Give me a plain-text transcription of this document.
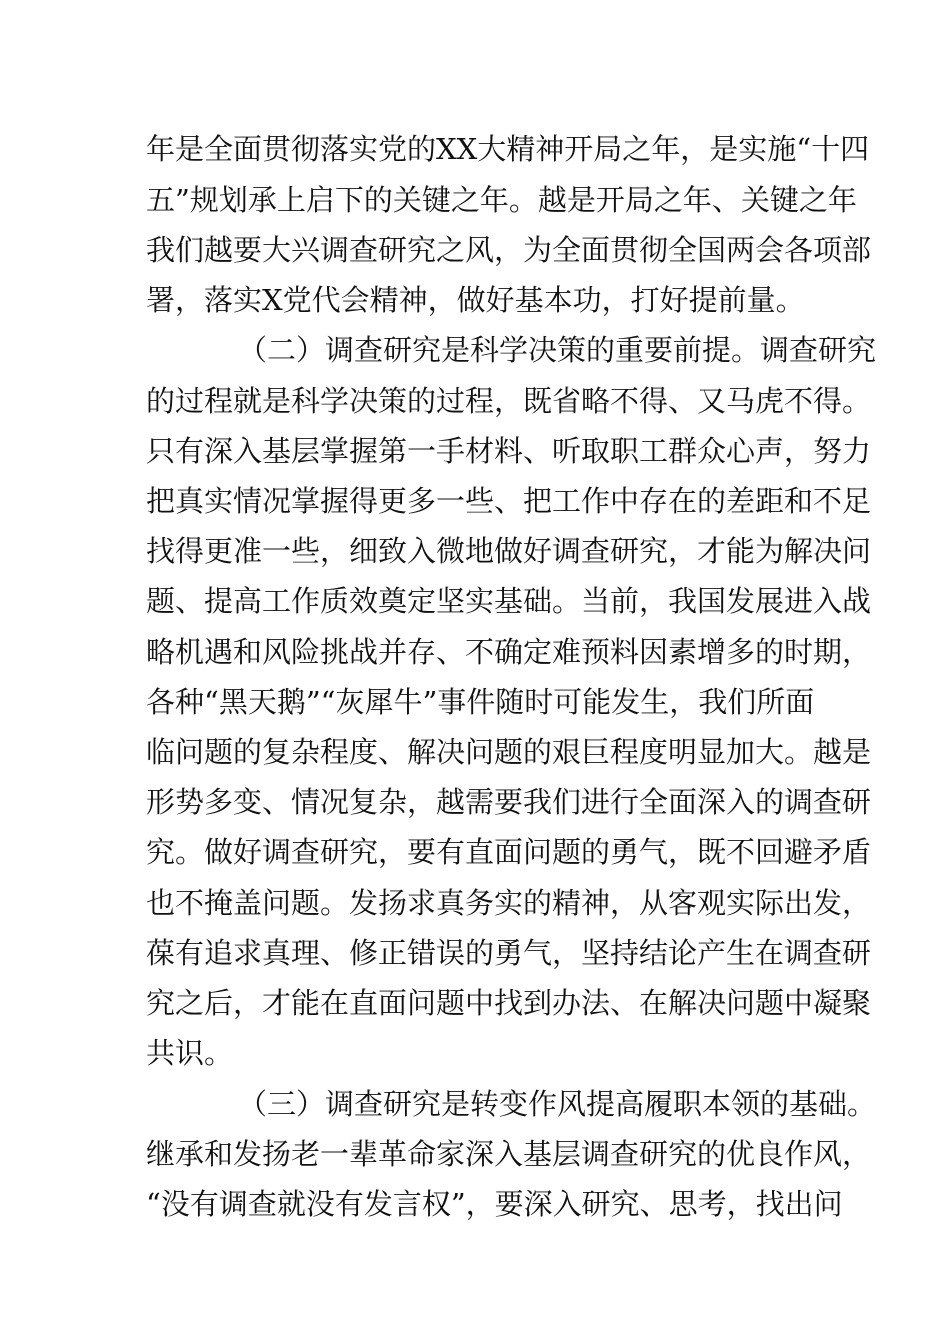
年是全面贯彻落实党的XX大精神开局之年，是实施“十四
五”规划承上启下的关键之年。越是开局之年、关键之年
我们越要大兴调查研究之风，为全面贯彻全国两会各项部
署，落实X党代会精神，做好基本功，打好提前量。
（二）调查研究是科学决策的重要前提。调查研究
的过程就是科学决策的过程，既省略不得、又马虎不得。
只有深入基层掌握第一手材料、听取职工群众心声，努力
把真实情况掌握得更多一些、把工作中存在的差距和不足
找得更准一些，细致入微地做好调查研究，才能为解决问
题、提高工作质效奠定坚实基础。当前，我国发展进入战
略机遇和风险挑战并存、不确定难预料因素增多的时期，
各种“黑天鹅”“灰犀牛”事件随时可能发生，我们所面
临问题的复杂程度、解决问题的艰巨程度明显加大。越是
形势多变、情况复杂，越需要我们进行全面深入的调查研
究。做好调查研究，要有直面问题的勇气，既不回避矛盾
也不掩盖问题。发扬求真务实的精神，从客观实际出发，
葆有追求真理、修正错误的勇气，坚持结论产生在调查研
究之后，才能在直面问题中找到办法、在解决问题中凝聚
共识。
（三）调查研究是转变作风提高履职本领的基础。
继承和发扬老一辈革命家深入基层调查研究的优良作风，
“没有调查就没有发言权”，要深入研究、思考，找出问
